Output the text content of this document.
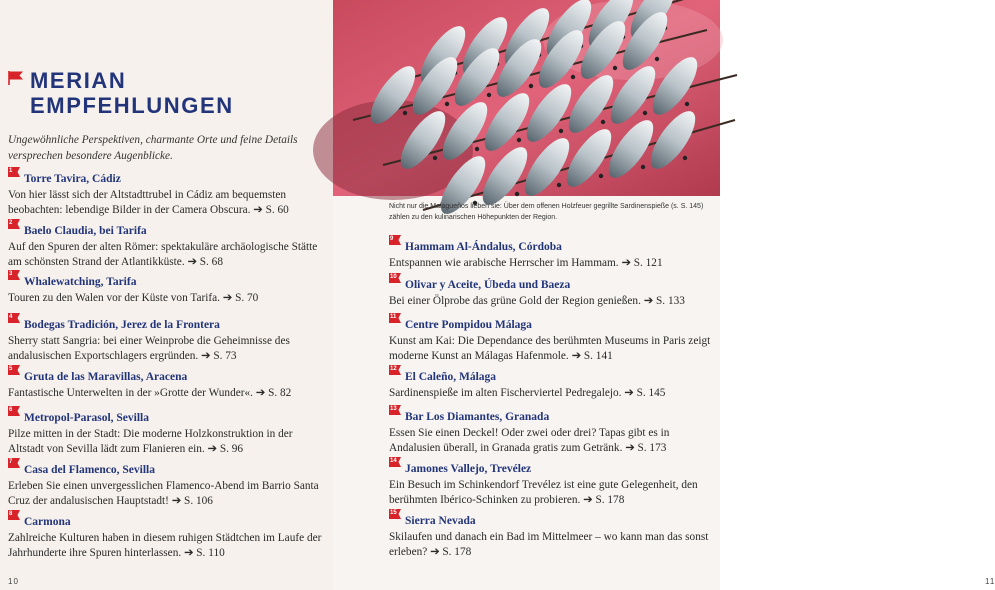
MERIAN
EMPFEHLUNGEN
Ungewöhnliche Perspektiven, charmante Orte und feine Details versprechen besondere Augenblicke.
1
Torre Tavira, Cádiz
Von hier lässt sich der Altstadttrubel in Cádiz am bequemsten beobachten: lebendige Bilder in der Camera Obscura. ➔ S. 60
2
Baelo Claudia, bei Tarifa
Auf den Spuren der alten Römer: spektakuläre archäologische Stätte am schönsten Strand der Atlantikküste. ➔ S. 68
3
Whalewatching, Tarifa
Touren zu den Walen vor der Küste von Tarifa. ➔ S. 70
4
Bodegas Tradición, Jerez de la Frontera
Sherry statt Sangria: bei einer Weinprobe die Geheimnisse des andalusischen Exportschlagers ergründen. ➔ S. 73
5
Gruta de las Maravillas, Aracena
Fantastische Unterwelten in der »Grotte der Wunder«. ➔ S. 82
6
Metropol-Parasol, Sevilla
Pilze mitten in der Stadt: Die moderne Holzkonstruktion in der Altstadt von Sevilla lädt zum Flanieren ein. ➔ S. 96
7
Casa del Flamenco, Sevilla
Erleben Sie einen unvergesslichen Flamenco-Abend im Barrio Santa Cruz der andalusischen Hauptstadt! ➔ S. 106
8
Carmona
Zahlreiche Kulturen haben in diesem ruhigen Städtchen im Laufe der Jahrhunderte ihre Spuren hinterlassen. ➔ S. 110
10
Nicht nur die Malagueños lieben sie: Über dem offenen Holzfeuer gegrillte Sardinenspieße (s. S. 145) zählen zu den kulinarischen Höhepunkten der Region.
9
Hammam Al-Ándalus, Córdoba
Entspannen wie arabische Herrscher im Hammam. ➔ S. 121
10
Olivar y Aceite, Úbeda und Baeza
Bei einer Ölprobe das grüne Gold der Region genießen. ➔ S. 133
11
Centre Pompidou Málaga
Kunst am Kai: Die Dependance des berühmten Museums in Paris zeigt moderne Kunst an Málagas Hafenmole. ➔ S. 141
12
El Caleño, Málaga
Sardinenspieße im alten Fischerviertel Pedregalejo. ➔ S. 145
13
Bar Los Diamantes, Granada
Essen Sie einen Deckel! Oder zwei oder drei? Tapas gibt es in Andalusien überall, in Granada gratis zum Getränk. ➔ S. 173
14
Jamones Vallejo, Trevélez
Ein Besuch im Schinkendorf Trevélez ist eine gute Gelegenheit, den berühmten Ibérico-Schinken zu probieren. ➔ S. 178
15
Sierra Nevada
Skilaufen und danach ein Bad im Mittelmeer – wo kann man das sonst erleben? ➔ S. 178
11
